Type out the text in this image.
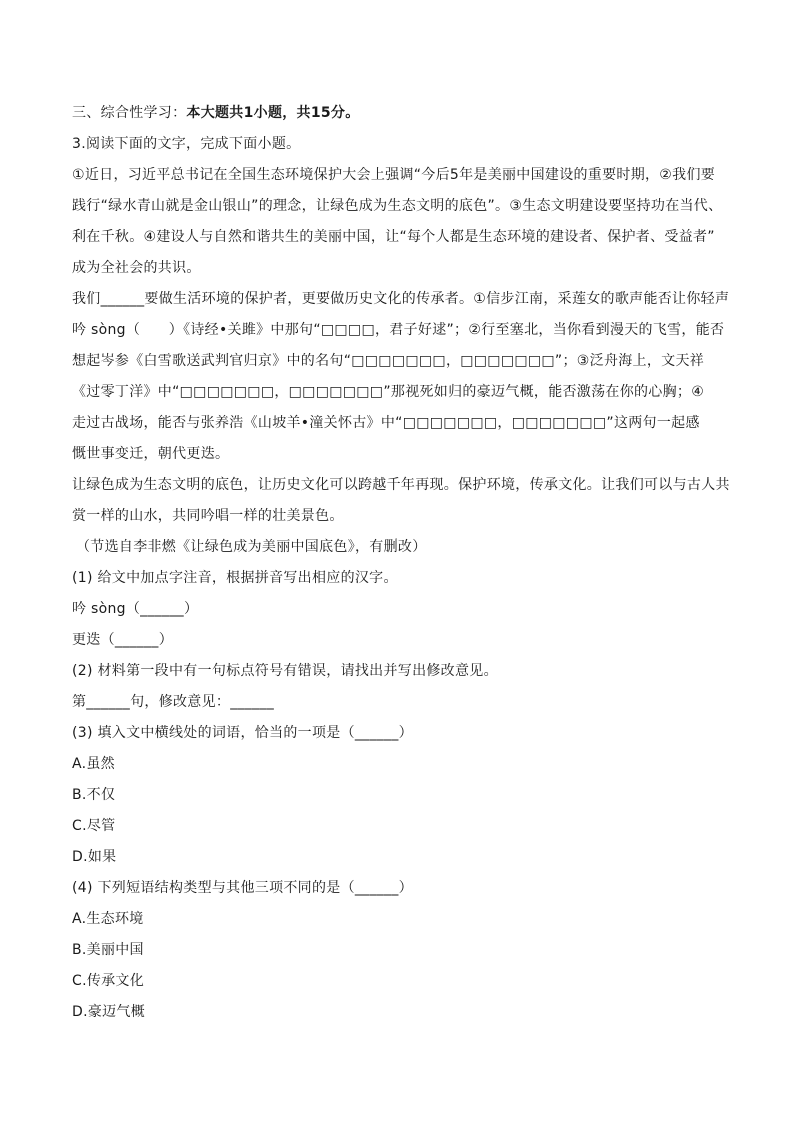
三、综合性学习：本大题共1小题，共15分。
3.阅读下面的文字，完成下面小题。
①近日，习近平总书记在全国生态环境保护大会上强调“今后5年是美丽中国建设的重要时期，②我们要
践行“绿水青山就是金山银山”的理念，让绿色成为生态文明的底色”。③生态文明建设要坚持功在当代、
利在千秋。④建设人与自然和谐共生的美丽中国，让“每个人都是生态环境的建设者、保护者、受益者”
成为全社会的共识。
我们______要做生活环境的保护者，更要做历史文化的传承者。①信步江南，采莲女的歌声能否让你轻声
吟 sòng（　　）《诗经•关雎》中那句“□□□□，君子好逑”；②行至塞北，当你看到漫天的飞雪，能否
想起岑参《白雪歌送武判官归京》中的名句“□□□□□□□，□□□□□□□”；③泛舟海上，文天祥
《过零丁洋》中“□□□□□□□，□□□□□□□”那视死如归的豪迈气概，能否激荡在你的心胸；④
走过古战场，能否与张养浩《山坡羊•潼关怀古》中“□□□□□□□，□□□□□□□”这两句一起感
慨世事变迁，朝代更迭。
让绿色成为生态文明的底色，让历史文化可以跨越千年再现。保护环境，传承文化。让我们可以与古人共
赏一样的山水，共同吟唱一样的壮美景色。
（节选自李非燃《让绿色成为美丽中国底色》，有删改）
(1) 给文中加点字注音，根据拼音写出相应的汉字。
吟 sòng（______）
更迭（______）
(2) 材料第一段中有一句标点符号有错误，请找出并写出修改意见。
第______句，修改意见：______
(3) 填入文中横线处的词语，恰当的一项是（______）
A.虽然
B.不仅
C.尽管
D.如果
(4) 下列短语结构类型与其他三项不同的是（______）
A.生态环境
B.美丽中国
C.传承文化
D.豪迈气概
